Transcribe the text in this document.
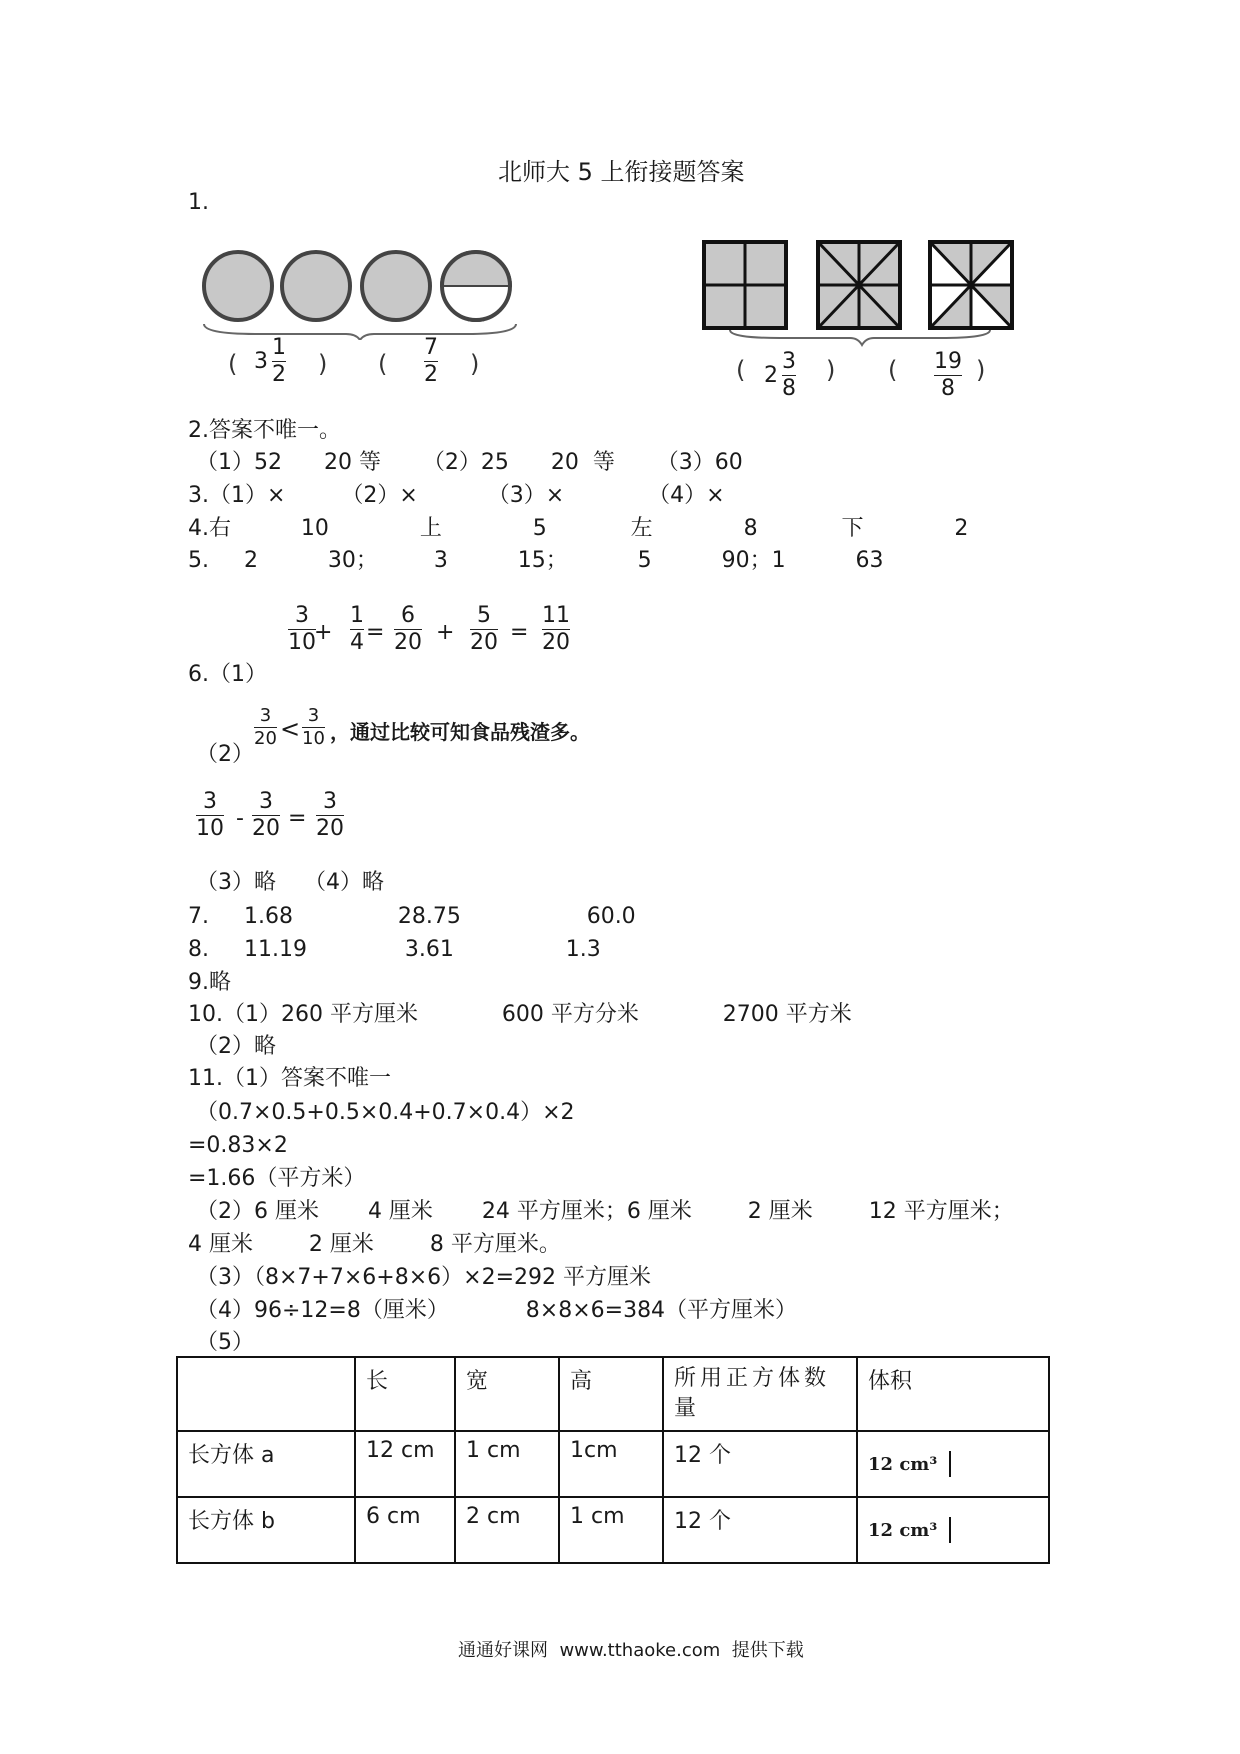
北师大 5 上衔接题答案
1.
( $3 \frac{1}{2}$ ) (
7
2 )	( $2 \frac{3}{8}$ ) ( 19
8
)
2.答案不唯一。
（1）52      20 等      （2）25      20  等      （3）60
3.（1）×        （2）×          （3）×            （4）×
4.右          10             上             5            左             8            下             2
5.     2          30；        3          15；          5          90；1          63
3
10
+
1
4 =
6
20 +
5
20 =
11
20
6.（1）
（2）
3
20 < 3
10 ，通过比较可知食品残渣多。
3
10 -
3
20 =
3
20
（3）略    （4）略
7.     1.68               28.75                  60.0
8.     11.19              3.61                1.3
9.略
10.（1）260 平方厘米            600 平方分米            2700 平方米
（2）略
11.（1）答案不唯一
（0.7×0.5+0.5×0.4+0.7×0.4）×2
=0.83×2
=1.66（平方米）
（2）6 厘米       4 厘米       24 平方厘米；6 厘米        2 厘米        12 平方厘米；
4 厘米        2 厘米        8 平方厘米。
（3）（8×7+7×6+8×6）×2=292 平方厘米
（4）96÷12=8（厘米）           8×8×6=384（平方厘米）
（5）
	长	宽	高	所用正方体数量	体积
长方体 a	12 cm	1 cm	1cm	12 个	12 cm³
长方体 b	6 cm	2 cm	1 cm	12 个	12 cm³
通通好课网  www.tthaoke.com  提供下载
